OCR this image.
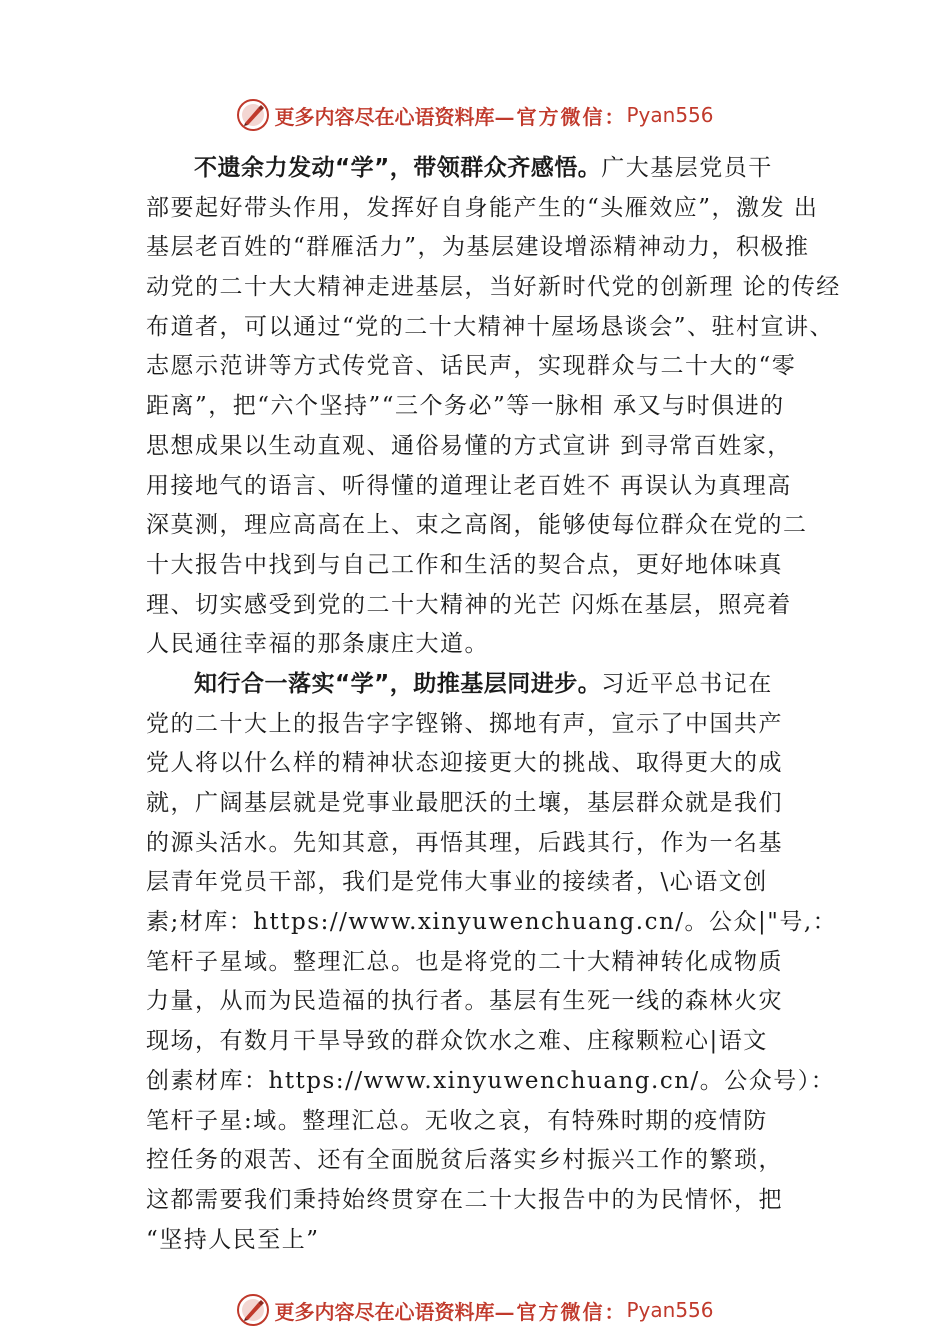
更多内容尽在心语资料库 —官方微信： Pyan556
不遗余力发动“学”，带领群众齐感悟。广大基层党员干
部要起好带头作用，发挥好自身能产生的“头雁效应”，激发 出
基层老百姓的“群雁活力”，为基层建设增添精神动力，积极推
动党的二十大大精神走进基层，当好新时代党的创新理 论的传经
布道者，可以通过“党的二十大精神十屋场恳谈会”、驻村宣讲、
志愿示范讲等方式传党音、话民声，实现群众与二十大的“零
距离”，把“六个坚持”“三个务必”等一脉相 承又与时俱进的
思想成果以生动直观、通俗易懂的方式宣讲 到寻常百姓家，
用接地气的语言、听得懂的道理让老百姓不 再误认为真理高
深莫测，理应高高在上、束之高阁，能够使每位群众在党的二
十大报告中找到与自己工作和生活的契合点，更好地体味真
理、切实感受到党的二十大精神的光芒 闪烁在基层，照亮着
人民通往幸福的那条康庄大道。
知行合一落实“学”，助推基层同进步。习近平总书记在
党的二十大上的报告字字铿锵、掷地有声，宣示了中国共产
党人将以什么样的精神状态迎接更大的挑战、取得更大的成
就，广阔基层就是党事业最肥沃的土壤，基层群众就是我们
的源头活水。先知其意，再悟其理，后践其行，作为一名基
层青年党员干部，我们是党伟大事业的接续者，\心语文创
素;材库：https://www.xinyuwenchuang.cn/。公众|"号,：
笔杆子星域。整理汇总。也是将党的二十大精神转化成物质
力量，从而为民造福的执行者。基层有生死一线的森林火灾
现场，有数月干旱导致的群众饮水之难、庄稼颗粒心|语文
创素材库：https://www.xinyuwenchuang.cn/。公众号）：
笔杆子星:域。整理汇总。无收之哀，有特殊时期的疫情防
控任务的艰苦、还有全面脱贫后落实乡村振兴工作的繁琐，
这都需要我们秉持始终贯穿在二十大报告中的为民情怀，把
“坚持人民至上”
更多内容尽在心语资料库 —官方微信： Pyan556
